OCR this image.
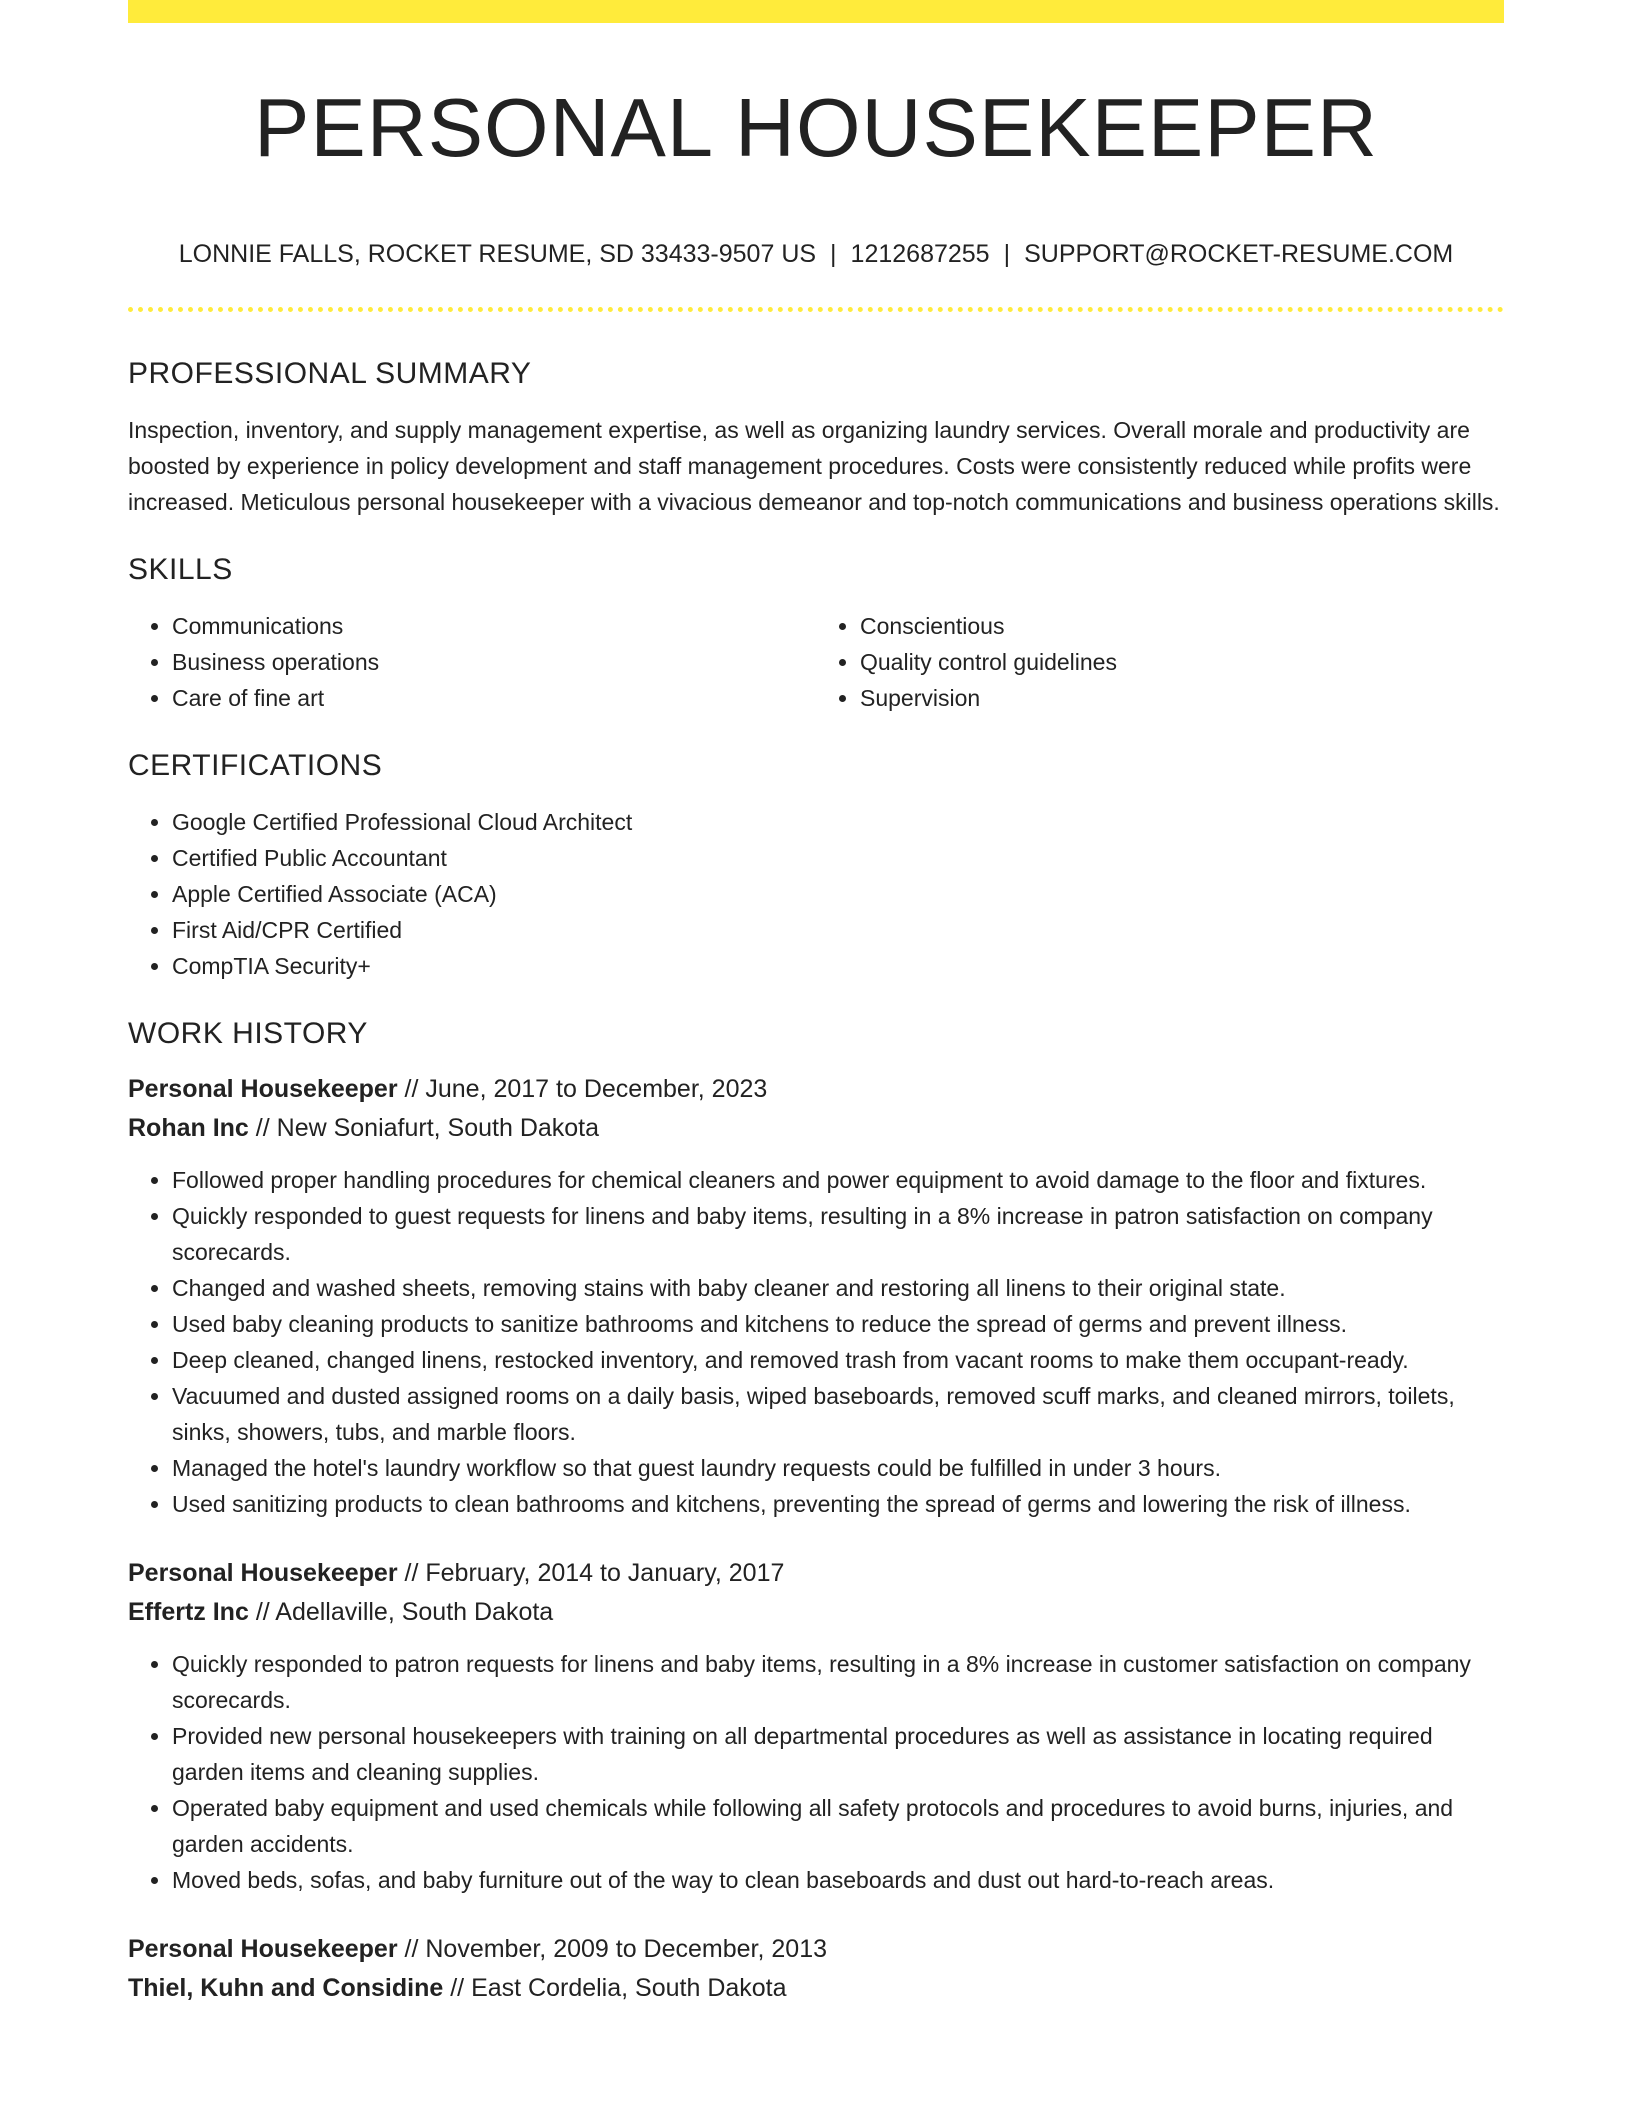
PERSONAL HOUSEKEEPER
LONNIE FALLS, ROCKET RESUME, SD 33433-9507 US | 1212687255 | SUPPORT@ROCKET-RESUME.COM
PROFESSIONAL SUMMARY

Inspection, inventory, and supply management expertise, as well as organizing laundry services. Overall morale and productivity are boosted by experience in policy development and staff management procedures. Costs were consistently reduced while profits were increased. Meticulous personal housekeeper with a vivacious demeanor and top-notch communications and business operations skills.

SKILLS
• Communications
• Business operations
• Care of fine art
• Conscientious
• Quality control guidelines
• Supervision
CERTIFICATIONS
• Google Certified Professional Cloud Architect
• Certified Public Accountant
• Apple Certified Associate (ACA)
• First Aid/CPR Certified
• CompTIA Security+
WORK HISTORY
Personal Housekeeper // June, 2017 to December, 2023
Rohan Inc // New Soniafurt, South Dakota
• Followed proper handling procedures for chemical cleaners and power equipment to avoid damage to the floor and fixtures.
• Quickly responded to guest requests for linens and baby items, resulting in a 8% increase in patron satisfaction on company scorecards.
• Changed and washed sheets, removing stains with baby cleaner and restoring all linens to their original state.
• Used baby cleaning products to sanitize bathrooms and kitchens to reduce the spread of germs and prevent illness.
• Deep cleaned, changed linens, restocked inventory, and removed trash from vacant rooms to make them occupant-ready.
• Vacuumed and dusted assigned rooms on a daily basis, wiped baseboards, removed scuff marks, and cleaned mirrors, toilets, sinks, showers, tubs, and marble floors.
• Managed the hotel's laundry workflow so that guest laundry requests could be fulfilled in under 3 hours.
• Used sanitizing products to clean bathrooms and kitchens, preventing the spread of germs and lowering the risk of illness.
Personal Housekeeper // February, 2014 to January, 2017
Effertz Inc // Adellaville, South Dakota
• Quickly responded to patron requests for linens and baby items, resulting in a 8% increase in customer satisfaction on company scorecards.
• Provided new personal housekeepers with training on all departmental procedures as well as assistance in locating required garden items and cleaning supplies.
• Operated baby equipment and used chemicals while following all safety protocols and procedures to avoid burns, injuries, and garden accidents.
• Moved beds, sofas, and baby furniture out of the way to clean baseboards and dust out hard-to-reach areas.
Personal Housekeeper // November, 2009 to December, 2013
Thiel, Kuhn and Considine // East Cordelia, South Dakota
